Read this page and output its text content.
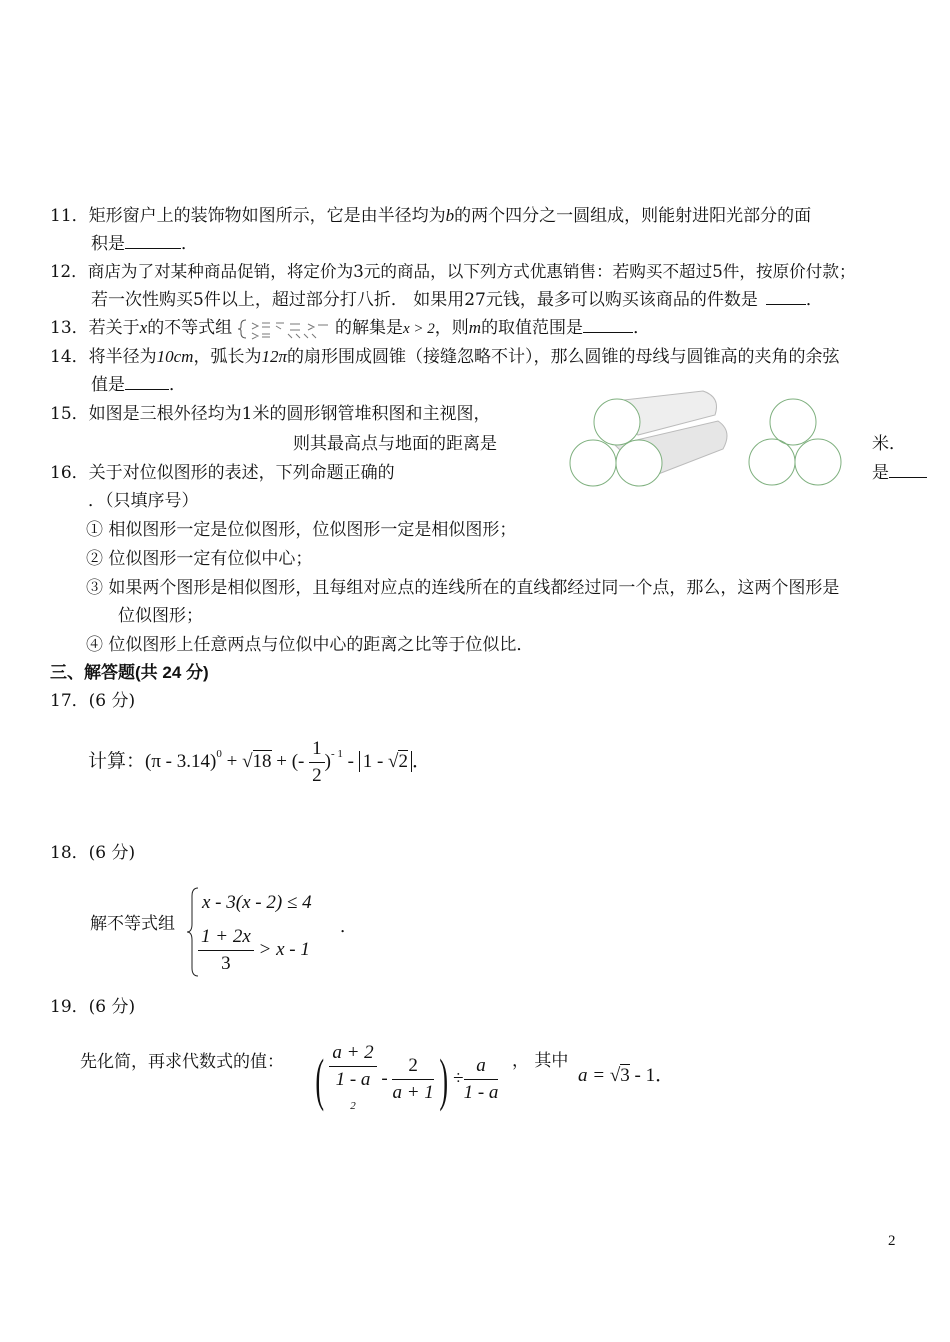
11．矩形窗户上的装饰物如图所示，它是由半径均为b的两个四分之一圆组成，则能射进阳光部分的面
积是	．
12．商店为了对某种商品促销，将定价为3元的商品，以下列方式优惠销售：若购买不超过5件，按原价付款；
若一次性购买5件以上，超过部分打八折． 如果用27元钱，最多可以购买该商品的件数是	．
13．若关于x的不等式组	的解集是x > 2，则m的取值范围是	．
14．将半径为10cm，弧长为12π的扇形围成圆锥（接缝忽略不计），那么圆锥的母线与圆锥高的夹角的余弦
值是	．
15．如图是三根外径均为1米的圆形钢管堆积图和主视图，
则其最高点与地面的距离是	米．
16．关于对位似图形的表述，下列命题正确的	是
．（只填序号）
① 相似图形一定是位似图形，位似图形一定是相似图形；
② 位似图形一定有位似中心；
③ 如果两个图形是相似图形，且每组对应点的连线所在的直线都经过同一个点，那么，这两个图形是
位似图形；
④ 位似图形上任意两点与位似中心的距离之比等于位似比．
三、解答题(共 24 分)
17．(6 分)
计算：(π - 3.14)$^0$ + √18 + (- $\frac{1}{2} )^{- 1} - 1 - √2$ ．
18．(6 分)
解不等式组
x - 3(x - 2) ≤ 4
$\frac{1 + 2x}{3} > x - 1$
．
19．(6 分)
先化简，再求代数式的值： ( a + 2
1 - a
$2 - \frac{2}{a + 1}$ ) ÷ $\frac{a}{1 - a}$ ， 其中
a = √3 - 1．
2
